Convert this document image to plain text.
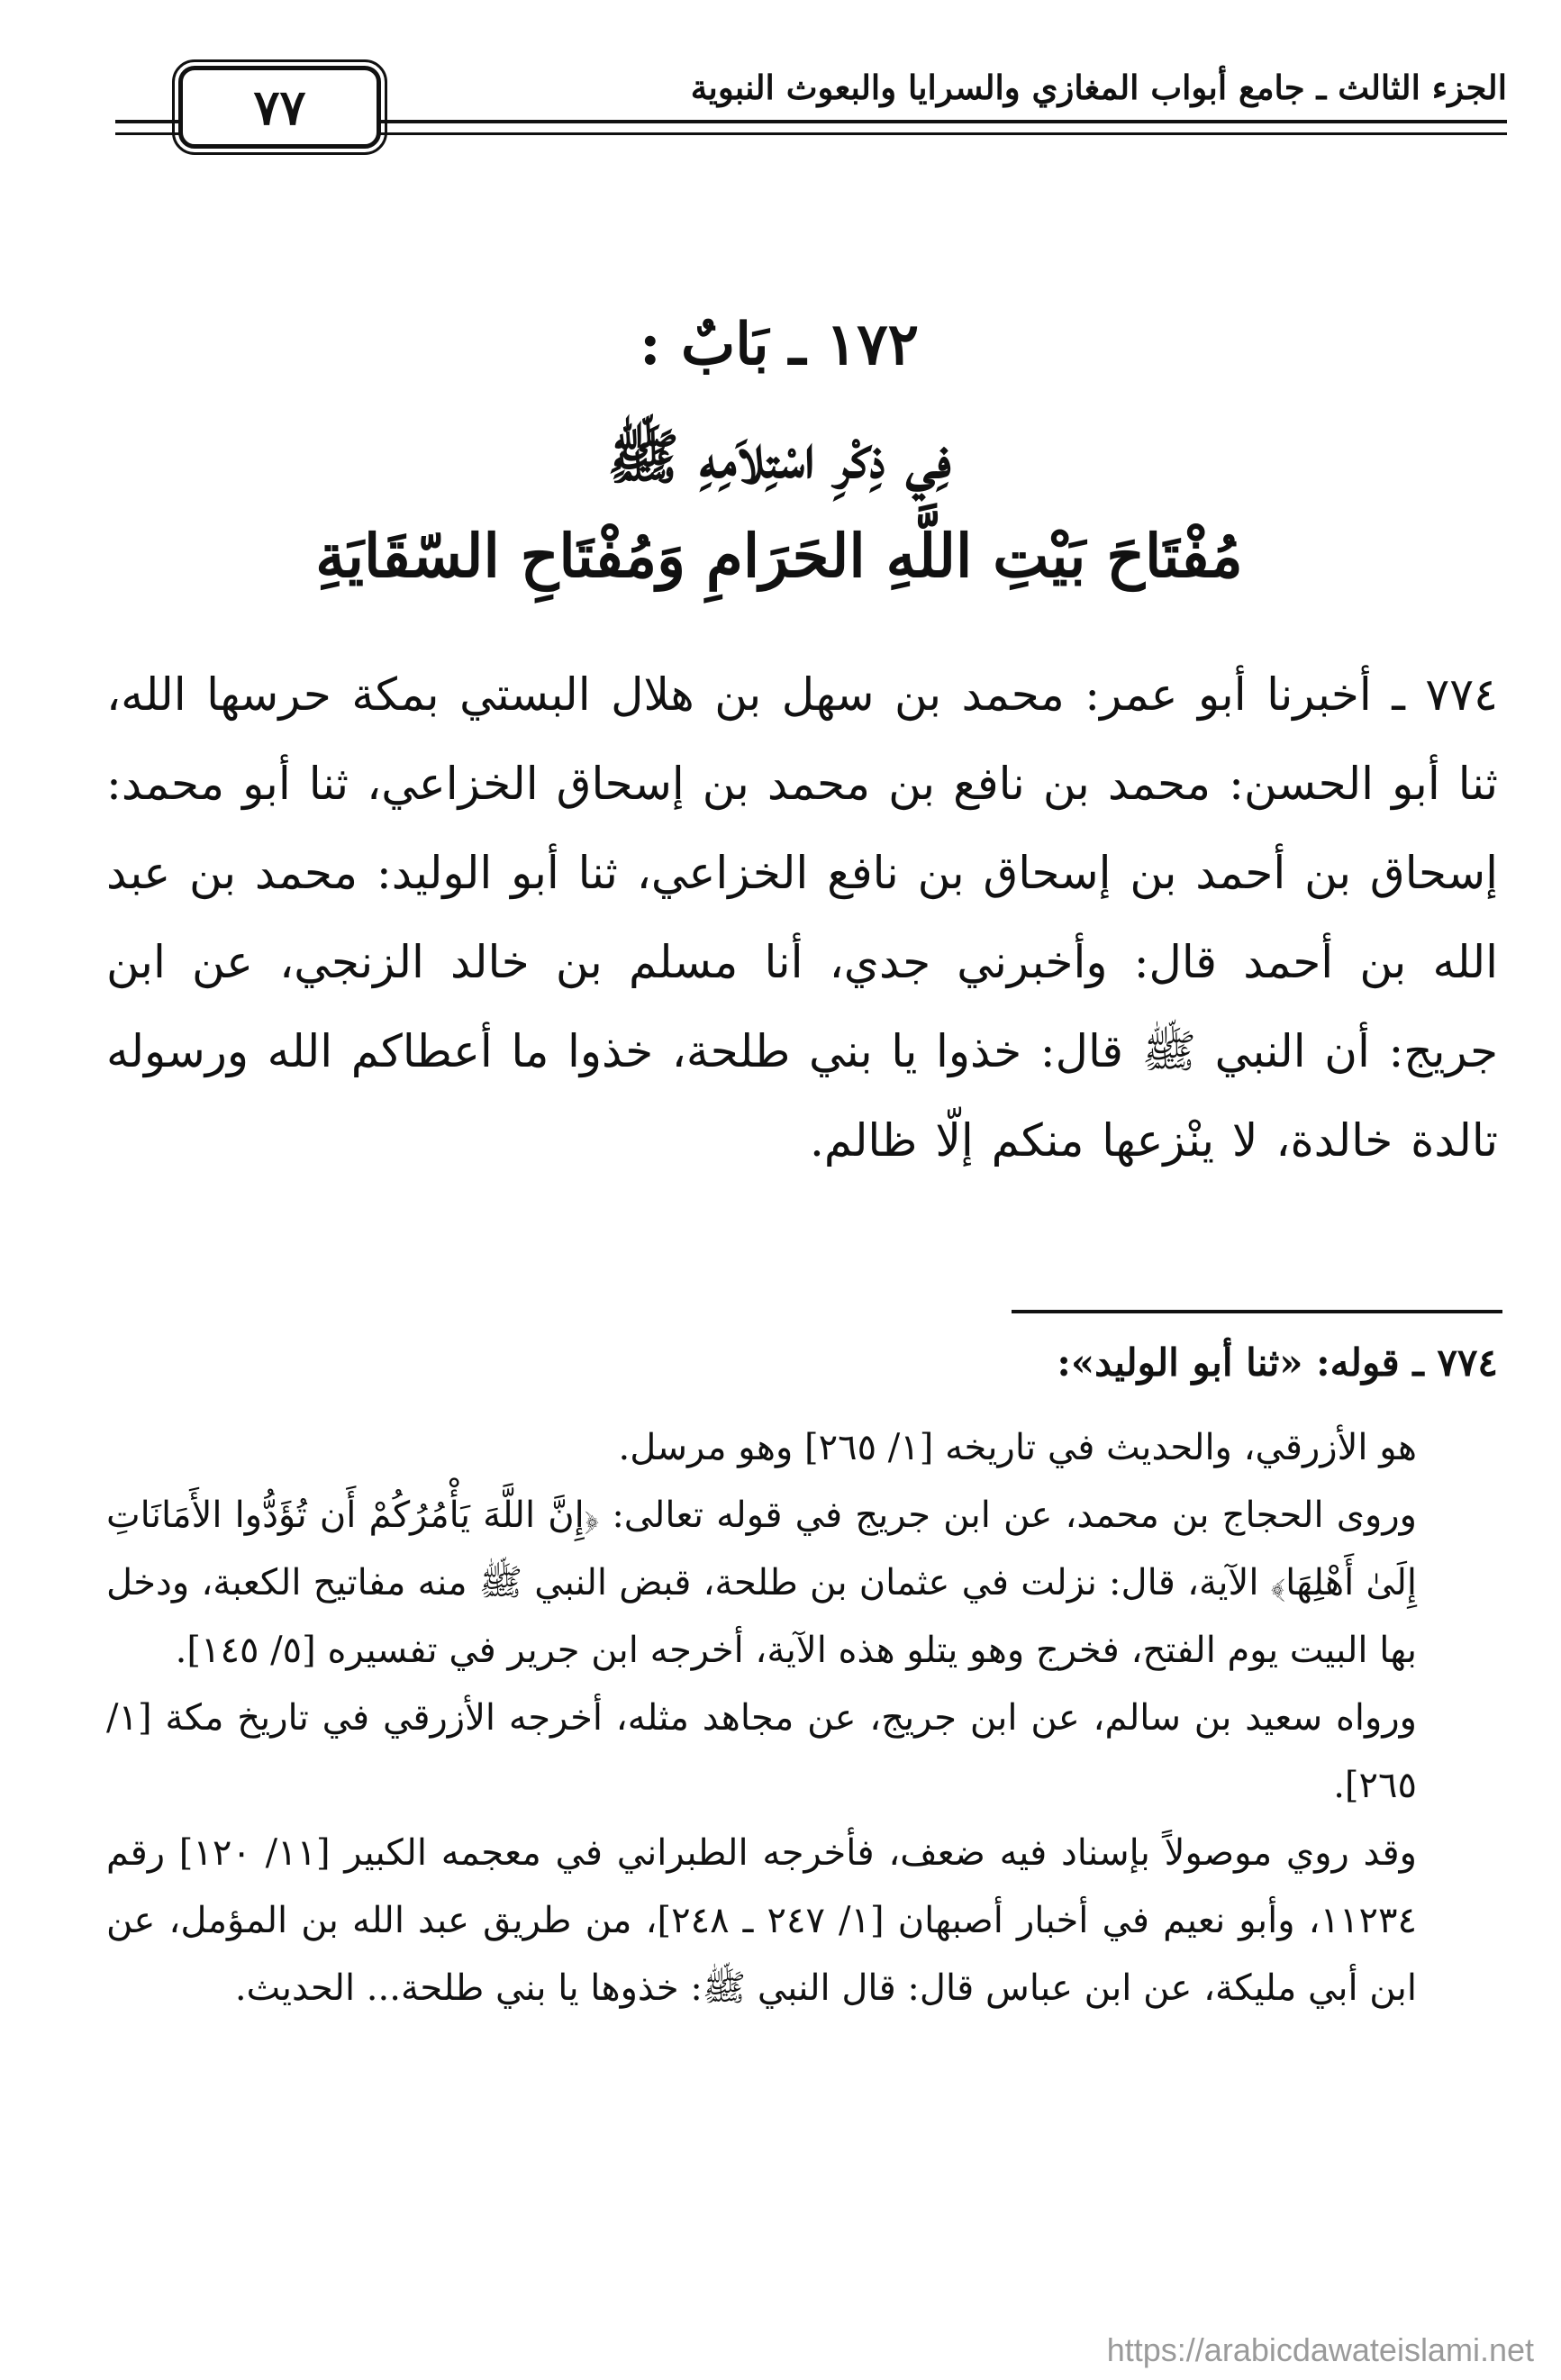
الجزء الثالث ـ جامع أبواب المغازي والسرايا والبعوث النبوية
٧٧
١٧٢ ـ بَابٌ :
فِي ذِكْرِ اسْتِلاَمِهِ ﷺ
مُفْتَاحَ بَيْتِ اللَّهِ الحَرَامِ وَمُفْتَاحِ السّقَايَةِ

٧٧٤ ـ أخبرنا أبو عمر: محمد بن سهل بن هلال البستي بمكة حرسها الله، ثنا أبو الحسن: محمد بن نافع بن محمد بن إسحاق الخزاعي، ثنا أبو محمد: إسحاق بن أحمد بن إسحاق بن نافع الخزاعي، ثنا أبو الوليد: محمد بن عبد الله بن أحمد قال: وأخبرني جدي، أنا مسلم بن خالد الزنجي، عن ابن جريج: أن النبي ﷺ قال: خذوا يا بني طلحة، خذوا ما أعطاكم الله ورسوله تالدة خالدة، لا ينْزعها منكم إلّا ظالم.

٧٧٤ ـ قوله: «ثنا أبو الوليد»:

هو الأزرقي، والحديث في تاريخه [١/ ٢٦٥] وهو مرسل.

وروى الحجاج بن محمد، عن ابن جريج في قوله تعالى: ﴿إِنَّ اللَّهَ يَأْمُرُكُمْ أَن تُؤَدُّوا الأَمَانَاتِ إِلَىٰ أَهْلِهَا﴾ الآية، قال: نزلت في عثمان بن طلحة، قبض النبي ﷺ منه مفاتيح الكعبة، ودخل بها البيت يوم الفتح، فخرج وهو يتلو هذه الآية، أخرجه ابن جرير في تفسيره [٥/ ١٤٥].

ورواه سعيد بن سالم، عن ابن جريج، عن مجاهد مثله، أخرجه الأزرقي في تاريخ مكة [١/ ٢٦٥].

وقد روي موصولاً بإسناد فيه ضعف، فأخرجه الطبراني في معجمه الكبير [١١/ ١٢٠] رقم ١١٢٣٤، وأبو نعيم في أخبار أصبهان [١/ ٢٤٧ ـ ٢٤٨]، من طريق عبد الله بن المؤمل، عن ابن أبي مليكة، عن ابن عباس قال: قال النبي ﷺ: خذوها يا بني طلحة... الحديث.

https://arabicdawateislami.net
